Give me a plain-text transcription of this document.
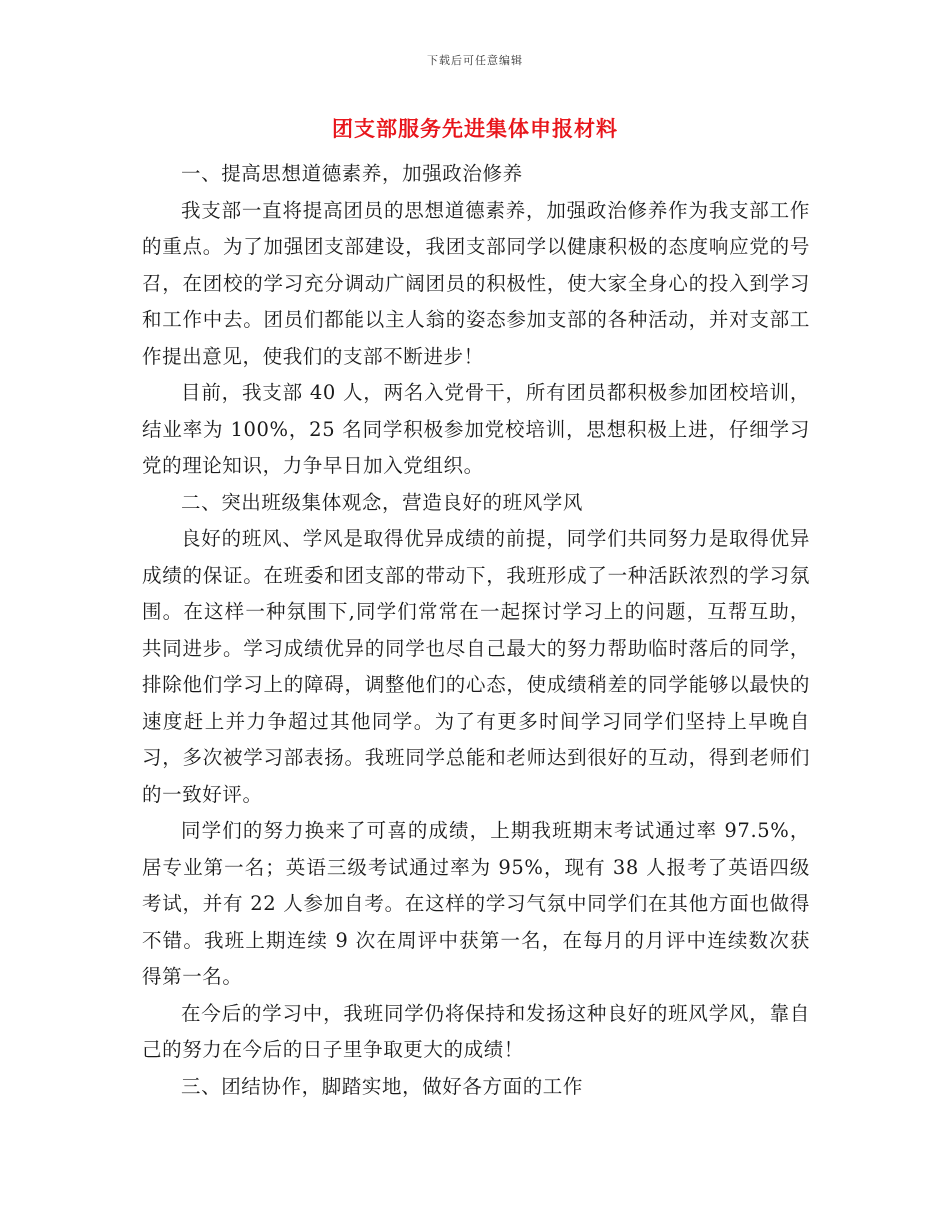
下载后可任意编辑
团支部服务先进集体申报材料

一、提高思想道德素养，加强政治修养

我支部一直将提高团员的思想道德素养，加强政治修养作为我支部工作的重点。为了加强团支部建设，我团支部同学以健康积极的态度响应党的号召，在团校的学习充分调动广阔团员的积极性，使大家全身心的投入到学习和工作中去。团员们都能以主人翁的姿态参加支部的各种活动，并对支部工作提出意见，使我们的支部不断进步！

目前，我支部 40 人，两名入党骨干，所有团员都积极参加团校培训，结业率为 100%，25 名同学积极参加党校培训，思想积极上进，仔细学习党的理论知识，力争早日加入党组织。

二、突出班级集体观念，营造良好的班风学风

良好的班风、学风是取得优异成绩的前提，同学们共同努力是取得优异成绩的保证。在班委和团支部的带动下，我班形成了一种活跃浓烈的学习氛围。在这样一种氛围下,同学们常常在一起探讨学习上的问题，互帮互助，共同进步。学习成绩优异的同学也尽自己最大的努力帮助临时落后的同学，排除他们学习上的障碍，调整他们的心态，使成绩稍差的同学能够以最快的速度赶上并力争超过其他同学。为了有更多时间学习同学们坚持上早晚自习，多次被学习部表扬。我班同学总能和老师达到很好的互动，得到老师们的一致好评。

同学们的努力换来了可喜的成绩，上期我班期末考试通过率 97.5%，居专业第一名；英语三级考试通过率为 95%，现有 38 人报考了英语四级考试，并有 22 人参加自考。在这样的学习气氛中同学们在其他方面也做得不错。我班上期连续 9 次在周评中获第一名，在每月的月评中连续数次获得第一名。

在今后的学习中，我班同学仍将保持和发扬这种良好的班风学风，靠自己的努力在今后的日子里争取更大的成绩！

三、团结协作，脚踏实地，做好各方面的工作
